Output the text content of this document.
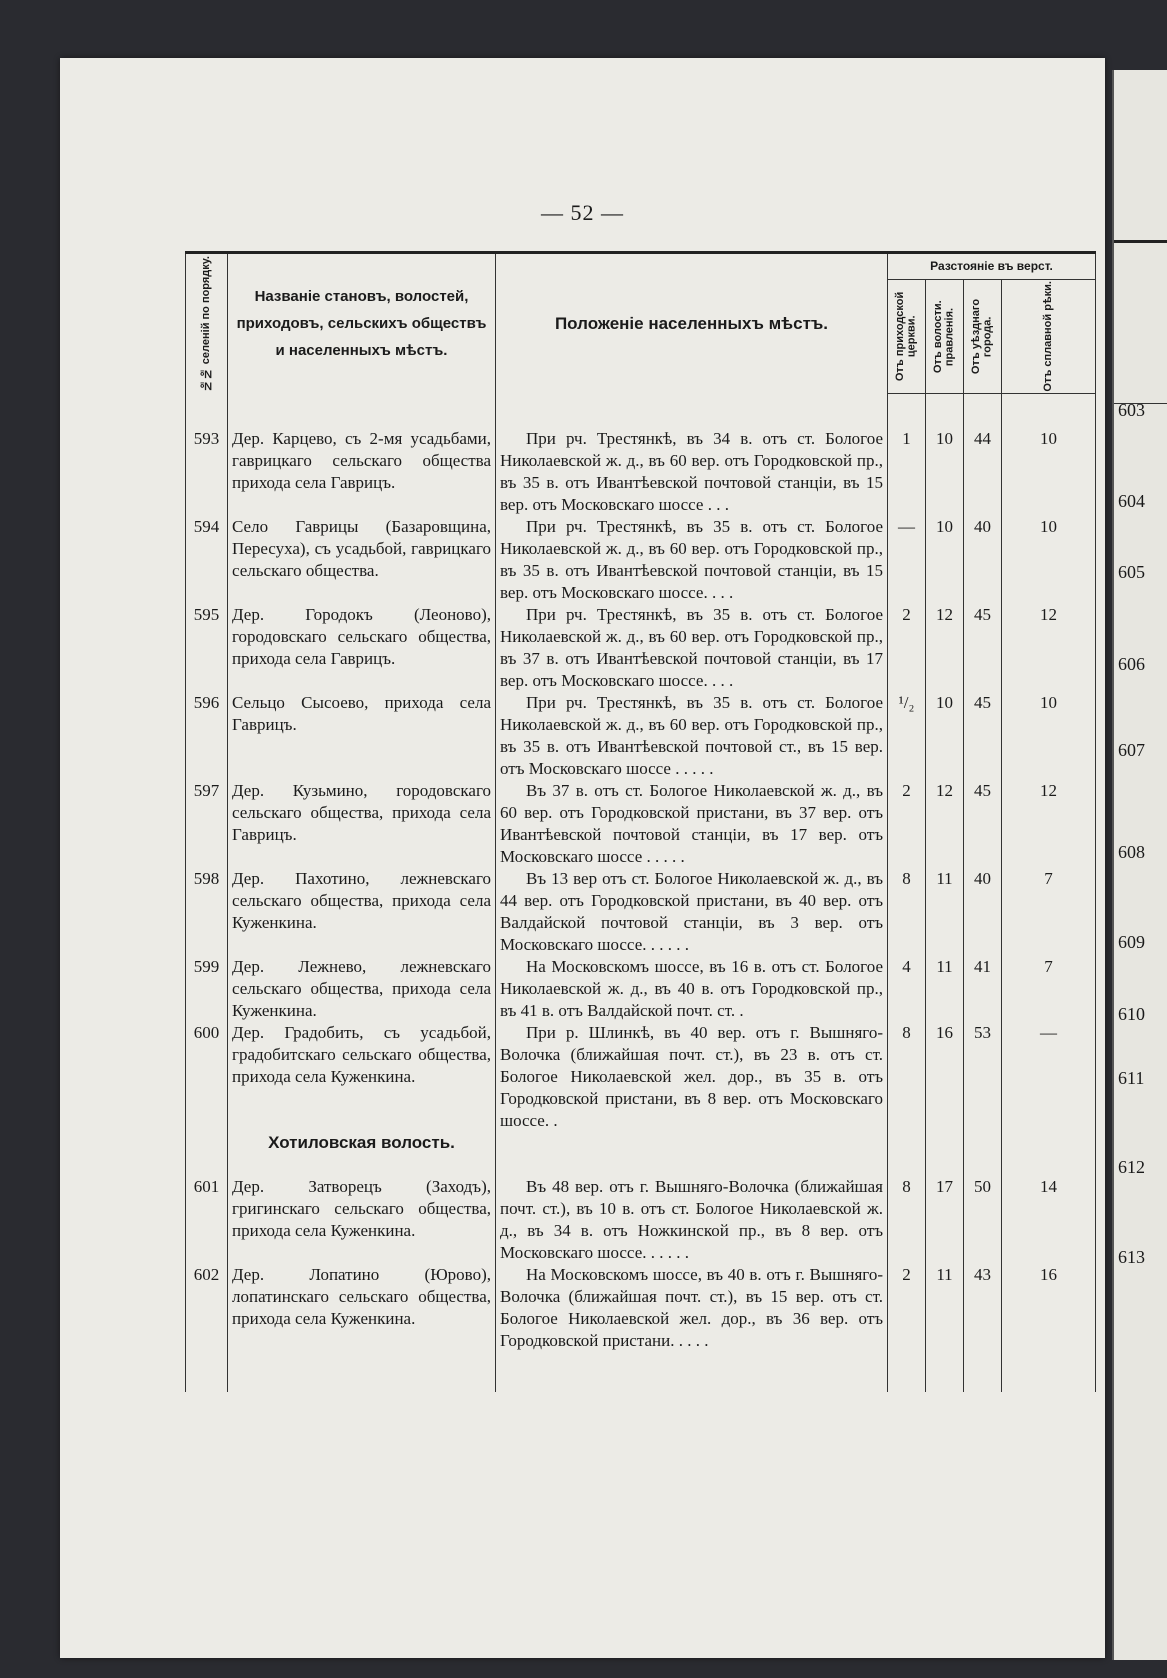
— 52 —
№№ селеній по порядку.	Названіе становъ, волостей, приходовъ, сельскихъ обществъ и населенныхъ мѣстъ.	Положеніе населенныхъ мѣстъ.	Разстояніе въ верст.			

			Отъ приходской церкви.	Отъ волости. правленія.	Отъ уѣзднаго города.	Отъ сплавной рѣки.

593	Дер. Карцево, съ 2-мя усадьбами, гаврицкаго сельскаго общества прихода села Гаврицъ.	При рч. Трестянкѣ, въ 34 в. отъ ст. Бологое Николаевской ж. д., въ 60 вер. отъ Городковской пр., въ 35 в. отъ Ивантѣевской почтовой станціи, въ 15 вер. отъ Московскаго шоссе . . .	1	10	44	10
594	Село Гаврицы (Базаровщина, Пересуха), съ усадьбой, гаврицкаго сельскаго общества.	При рч. Трестянкѣ, въ 35 в. отъ ст. Бологое Николаевской ж. д., въ 60 вер. отъ Городковской пр., въ 35 в. отъ Ивантѣевской почтовой станціи, въ 15 вер. отъ Московскаго шоссе. . . .	—	10	40	10
595	Дер. Городокъ (Леоново), городовскаго сельскаго общества, прихода села Гаврицъ.	При рч. Трестянкѣ, въ 35 в. отъ ст. Бологое Николаевской ж. д., въ 60 вер. отъ Городковской пр., въ 37 в. отъ Ивантѣевской почтовой станціи, въ 17 вер. отъ Московскаго шоссе. . . .	2	12	45	12
596	Сельцо Сысоево, прихода села Гаврицъ.	При рч. Трестянкѣ, въ 35 в. отъ ст. Бологое Николаевской ж. д., въ 60 вер. отъ Городковской пр., въ 35 в. отъ Ивантѣевской почтовой ст., въ 15 вер. отъ Московскаго шоссе . . . . .	¹/₂	10	45	10
597	Дер. Кузьмино, городовскаго сельскаго общества, прихода села Гаврицъ.	Въ 37 в. отъ ст. Бологое Николаевской ж. д., въ 60 вер. отъ Городковской пристани, въ 37 вер. отъ Ивантѣевской почтовой станціи, въ 17 вер. отъ Московскаго шоссе . . . . .	2	12	45	12
598	Дер. Пахотино, лежневскаго сельскаго общества, прихода села Куженкина.	Въ 13 вер отъ ст. Бологое Николаевской ж. д., въ 44 вер. отъ Городковской пристани, въ 40 вер. отъ Валдайской почтовой станціи, въ 3 вер. отъ Московскаго шоссе. . . . . .	8	11	40	7
599	Дер. Лежнево, лежневскаго сельскаго общества, прихода села Куженкина.	На Московскомъ шоссе, въ 16 в. отъ ст. Бологое Николаевской ж. д., въ 40 в. отъ Городковской пр., въ 41 в. отъ Валдайской почт. ст. .	4	11	41	7
600	Дер. Градобить, съ усадьбой, градобитскаго сельскаго общества, прихода села Куженкина.	При р. Шлинкѣ, въ 40 вер. отъ г. Вышняго-Волочка (ближайшая почт. ст.), въ 23 в. отъ ст. Бологое Николаевской жел. дор., въ 35 в. отъ Городковской пристани, въ 8 вер. отъ Московскаго шоссе. .	8	16	53	—
	Хотиловская волость.					
601	Дер. Затворецъ (Заходъ), григинскаго сельскаго общества, прихода села Куженкина.	Въ 48 вер. отъ г. Вышняго-Волочка (ближайшая почт. ст.), въ 10 в. отъ ст. Бологое Николаевской ж. д., въ 34 в. отъ Ножкинской пр., въ 8 вер. отъ Московскаго шоссе. . . . . .	8	17	50	14
602	Дер. Лопатино (Юрово), лопатинскаго сельскаго общества, прихода села Куженкина.	На Московскомъ шоссе, въ 40 в. отъ г. Вышняго-Волочка (ближайшая почт. ст.), въ 15 вер. отъ ст. Бологое Николаевской жел. дор., въ 36 вер. отъ Городковской пристани. . . . .	2	11	43	16

603
604
605
606
607
608
609
610
611
612
613
